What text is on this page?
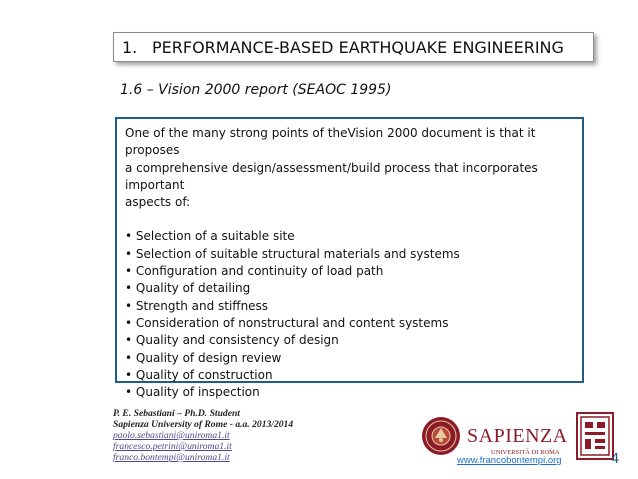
1. PERFORMANCE-BASED EARTHQUAKE ENGINEERING
1.6 – Vision 2000 report (SEAOC 1995)
One of the many strong points of theVision 2000 document is that it proposes
a comprehensive design/assessment/build process that incorporates important
aspects of:
• Selection of a suitable site
• Selection of suitable structural materials and systems
• Configuration and continuity of load path
• Quality of detailing
• Strength and stiffness
• Consideration of nonstructural and content systems
• Quality and consistency of design
• Quality of design review
• Quality of construction
• Quality of inspection
P. E. Sebastiani – Ph.D. Student
Sapienza University of Rome - a.a. 2013/2014
paolo.sebastiani@uniroma1.it
francesco.petrini@uniroma1.it
franco.bontempi@uniroma1.it
SAPIENZA
UNIVERSITÀ DI ROMA
www.francobontempi.org	4
